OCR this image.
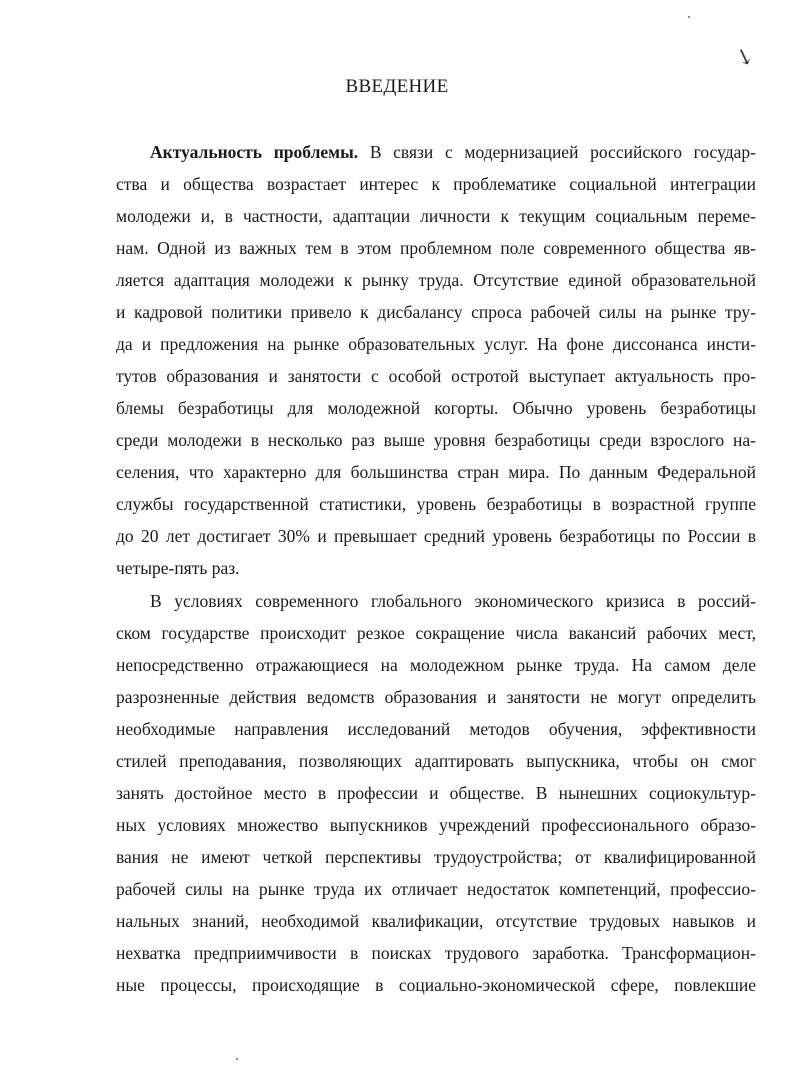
↘
ВВЕДЕНИЕ

Актуальность проблемы. В связи с модернизацией российского государ-

ства и общества возрастает интерес к проблематике социальной интеграции

молодежи и, в частности, адаптации личности к текущим социальным переме-

нам. Одной из важных тем в этом проблемном поле современного общества яв-

ляется адаптация молодежи к рынку труда. Отсутствие единой образовательной

и кадровой политики привело к дисбалансу спроса рабочей силы на рынке тру-

да и предложения на рынке образовательных услуг. На фоне диссонанса инсти-

тутов образования и занятости с особой остротой выступает актуальность про-

блемы безработицы для молодежной когорты. Обычно уровень безработицы

среди молодежи в несколько раз выше уровня безработицы среди взрослого на-

селения, что характерно для большинства стран мира. По данным Федеральной

службы государственной статистики, уровень безработицы в возрастной группе

до 20 лет достигает 30% и превышает средний уровень безработицы по России в

четыре-пять раз.

В условиях современного глобального экономического кризиса в россий-

ском государстве происходит резкое сокращение числа вакансий рабочих мест,

непосредственно отражающиеся на молодежном рынке труда. На самом деле

разрозненные действия ведомств образования и занятости не могут определить

необходимые направления исследований методов обучения, эффективности

стилей преподавания, позволяющих адаптировать выпускника, чтобы он смог

занять достойное место в профессии и обществе. В нынешних социокультур-

ных условиях множество выпускников учреждений профессионального образо-

вания не имеют четкой перспективы трудоустройства; от квалифицированной

рабочей силы на рынке труда их отличает недостаток компетенций, профессио-

нальных знаний, необходимой квалификации, отсутствие трудовых навыков и

нехватка предприимчивости в поисках трудового заработка. Трансформацион-

ные процессы, происходящие в социально-экономической сфере, повлекшие
